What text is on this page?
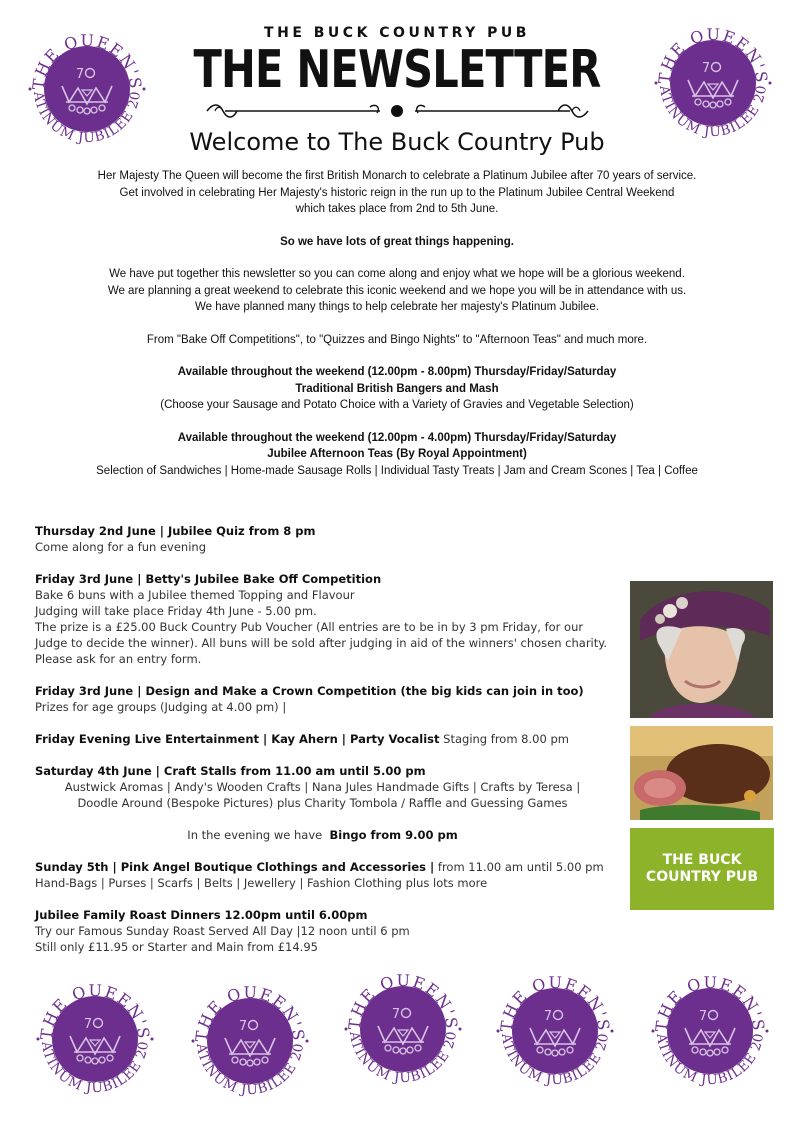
THE BUCK COUNTRY PUB
THE NEWSLETTER
Welcome to The Buck Country Pub

Her Majesty The Queen will become the first British Monarch to celebrate a Platinum Jubilee after 70 years of service.

Get involved in celebrating Her Majesty's historic reign in the run up to the Platinum Jubilee Central Weekend

which takes place from 2nd to 5th June.

So we have lots of great things happening.

We have put together this newsletter so you can come along and enjoy what we hope will be a glorious weekend.

We are planning a great weekend to celebrate this iconic weekend and we hope you will be in attendance with us.

We have planned many things to help celebrate her majesty's Platinum Jubilee.

From "Bake Off Competitions", to "Quizzes and Bingo Nights" to "Afternoon Teas" and much more.

Available throughout the weekend (12.00pm - 8.00pm) Thursday/Friday/Saturday

Traditional British Bangers and Mash

(Choose your Sausage and Potato Choice with a Variety of Gravies and Vegetable Selection)

Available throughout the weekend (12.00pm - 4.00pm) Thursday/Friday/Saturday

Jubilee Afternoon Teas (By Royal Appointment)

Selection of Sandwiches | Home-made Sausage Rolls | Individual Tasty Treats | Jam and Cream Scones | Tea | Coffee

Thursday 2nd June | Jubilee Quiz from 8 pm

Come along for a fun evening

Friday 3rd June | Betty's Jubilee Bake Off Competition

Bake 6 buns with a Jubilee themed Topping and Flavour

Judging will take place Friday 4th June - 5.00 pm.

The prize is a £25.00 Buck Country Pub Voucher (All entries are to be in by 3 pm Friday, for our Judge to decide the winner). All buns will be sold after judging in aid of the winners' chosen charity. Please ask for an entry form.

Friday 3rd June | Design and Make a Crown Competition (the big kids can join in too)

Prizes for age groups (Judging at 4.00 pm) |

Friday Evening Live Entertainment | Kay Ahern | Party Vocalist Staging from 8.00 pm

Saturday 4th June | Craft Stalls from 11.00 am until 5.00 pm

Austwick Aromas | Andy's Wooden Crafts | Nana Jules Handmade Gifts | Crafts by Teresa |

Doodle Around (Bespoke Pictures) plus Charity Tombola / Raffle and Guessing Games

In the evening we have Bingo from 9.00 pm

Sunday 5th | Pink Angel Boutique Clothings and Accessories | from 11.00 am until 5.00 pm

Hand-Bags | Purses | Scarfs | Belts | Jewellery | Fashion Clothing plus lots more

Jubilee Family Roast Dinners 12.00pm until 6.00pm

Try our Famous Sunday Roast Served All Day |12 noon until 6 pm

Still only £11.95 or Starter and Main from £14.95

THE BUCK
COUNTRY PUB
